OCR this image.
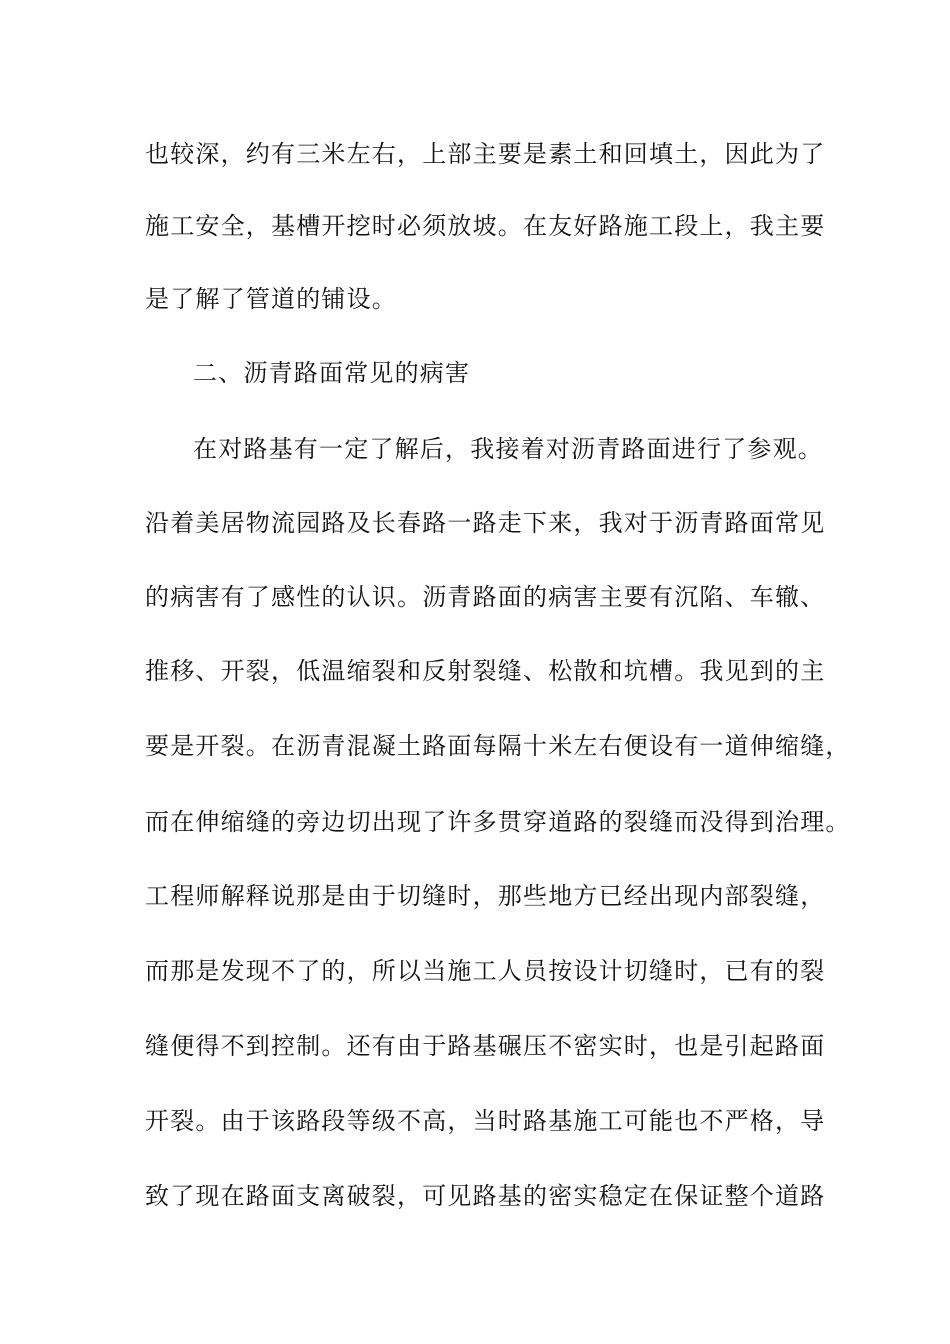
也较深，约有三米左右，上部主要是素土和回填土，因此为了
施工安全，基槽开挖时必须放坡。在友好路施工段上，我主要
是了解了管道的铺设。
二、沥青路面常见的病害
在对路基有一定了解后，我接着对沥青路面进行了参观。
沿着美居物流园路及长春路一路走下来，我对于沥青路面常见
的病害有了感性的认识。沥青路面的病害主要有沉陷、车辙、
推移、开裂，低温缩裂和反射裂缝、松散和坑槽。我见到的主
要是开裂。在沥青混凝土路面每隔十米左右便设有一道伸缩缝，
而在伸缩缝的旁边切出现了许多贯穿道路的裂缝而没得到治理。
工程师解释说那是由于切缝时，那些地方已经出现内部裂缝，
而那是发现不了的，所以当施工人员按设计切缝时，已有的裂
缝便得不到控制。还有由于路基碾压不密实时，也是引起路面
开裂。由于该路段等级不高，当时路基施工可能也不严格，导
致了现在路面支离破裂，可见路基的密实稳定在保证整个道路
